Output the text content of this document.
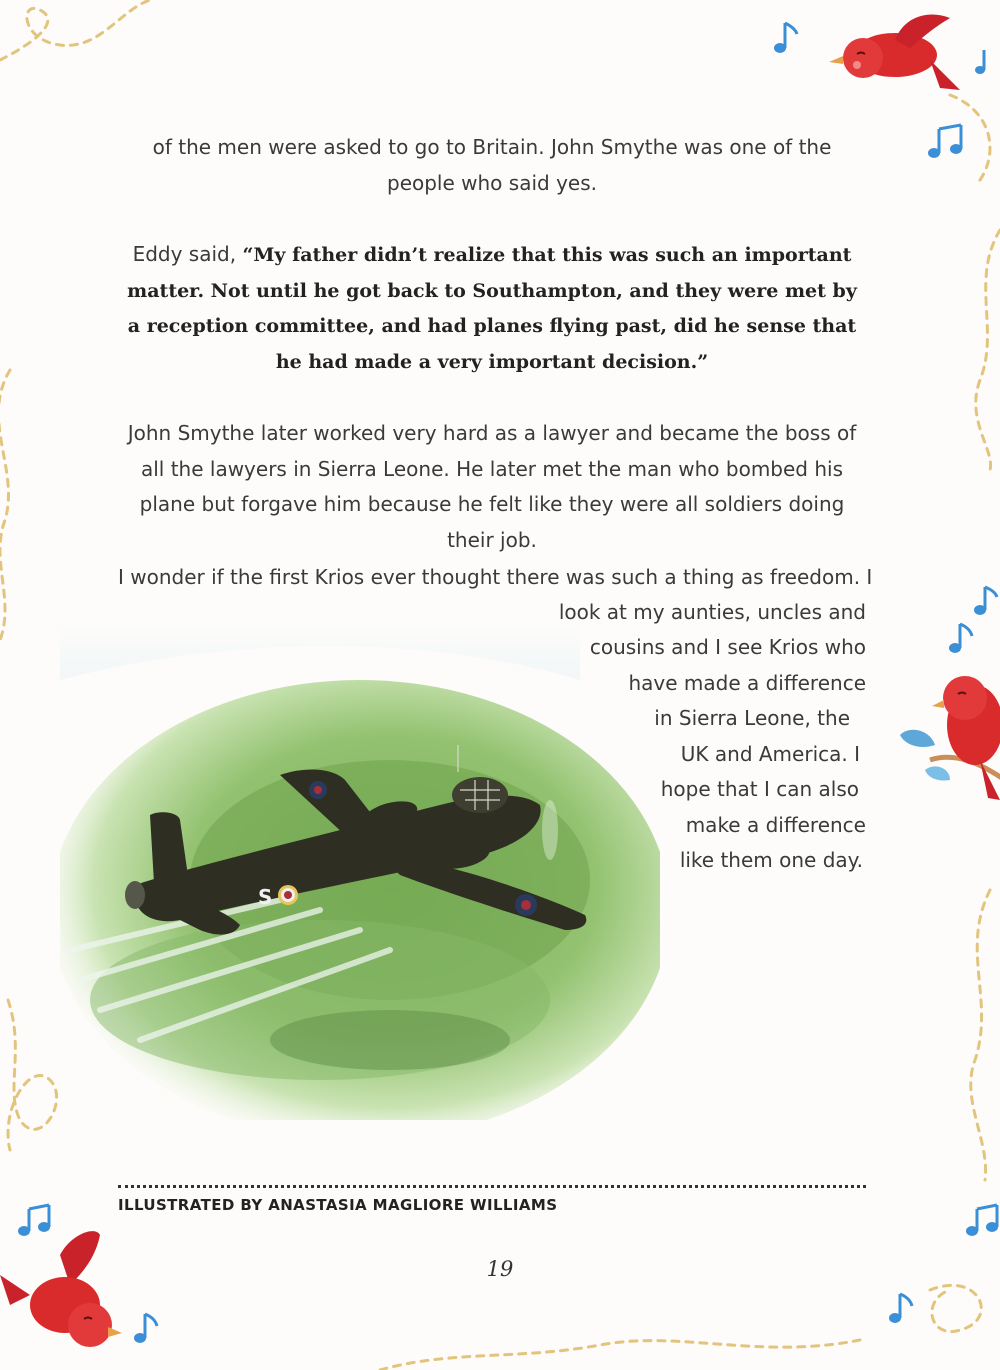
of the men were asked to go to Britain. John Smythe was one of the people who said yes.

Eddy said, “My father didn’t realize that this was such an important matter. Not until he got back to Southampton, and they were met by a reception committee, and had planes flying past, did he sense that he had made a very important decision.”

John Smythe later worked very hard as a lawyer and became the boss of all the lawyers in Sierra Leone. He later met the man who bombed his plane but forgave him because he felt like they were all soldiers doing their job.

S
I wonder if the first Krios ever thought there was such a thing as freedom. I
look at my aunties, uncles and
cousins and I see Krios who
have made a difference
in Sierra Leone, the
UK and America. I
hope that I can also
make a difference
like them one day.
ILLUSTRATED BY ANASTASIA MAGLIORE WILLIAMS
19
